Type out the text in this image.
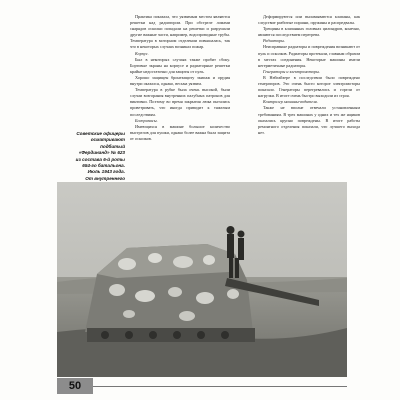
Советские офицеры
осматривают
подбитый
«Фердинанд» № 623
из состава 6-й роты
654-го батальона.
Июль 1943 года.
От внутреннего

Практика показала, что уязвимым местом являются решетки над радиатором. При обстреле ломами снарядов осколки попадали на решетки и разрушали другие важные части, например, водопроводные трубы. Температура в моторном отделении повышалась, так что в некоторых случаях возникал пожар.

Корпус.

Был в некоторых случаях также пробит сбоку. Бортовые экраны на корпусе и радиаторные решетки крайне недостаточно для защиты от пуль.

Хорошо защищен бронезащиту экипаж и орудия внутри оказался, однако, весьма уязвим.

Температура в рубке была очень высокой, были случаи возгорания внутренних палубных патронов для винтовки. Поэтому во время закрытия люка пытались проветривать, что иногда приводит к тяжелым последствиям.

Боеприпасы.

Имеющихся в машине большое количество выстрелов для пушки, однако более важна была защита от осколков.

Деформируются или выламываются клапаны, как следствие разбитые поршни, пружины и распредвалы.

Трещины в клапанных головках цилиндров, конечно, являются последствием перегрева.

Радиаторы.

Неисправные радиаторы и повреждения возникают от пуль и осколков. Радиаторы протекали, главным образом в местах соединения. Некоторые машины имели негерметичные радиаторы.

Генераторы и электромоторы.

В Нейгайзере в последствии было повреждено генераторов. Это очень бысто которое электромоторы показало. Генераторы перегревались и горели от нагрузки. В итоге очень быстро выходили из строя.

Контролер машины-водителя.

Также не вполне отвечали установленным требованиям. В трех машинах у одних и тех же ящиков оказались крупно повреждены. В итоге работы ремонтного отделения показали, что лучшего выхода нет.

50
